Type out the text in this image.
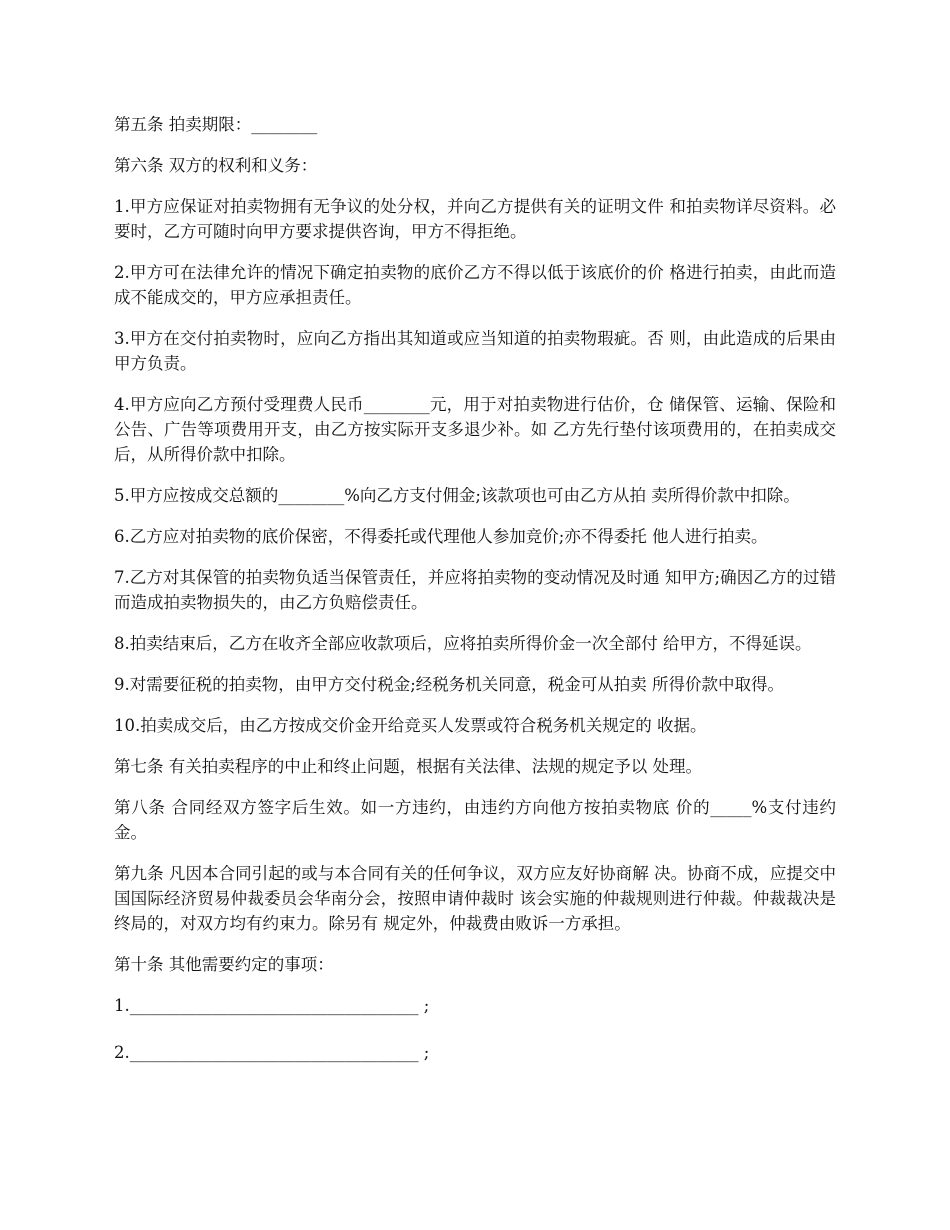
第五条 拍卖期限：________

第六条 双方的权利和义务：

1.甲方应保证对拍卖物拥有无争议的处分权，并向乙方提供有关的证明文件 和拍卖物详尽资料。必要时，乙方可随时向甲方要求提供咨询，甲方不得拒绝。

2.甲方可在法律允许的情况下确定拍卖物的底价乙方不得以低于该底价的价 格进行拍卖，由此而造成不能成交的，甲方应承担责任。

3.甲方在交付拍卖物时，应向乙方指出其知道或应当知道的拍卖物瑕疵。否 则，由此造成的后果由甲方负责。

4.甲方应向乙方预付受理费人民币________元，用于对拍卖物进行估价，仓 储保管、运输、保险和公告、广告等项费用开支，由乙方按实际开支多退少补。如 乙方先行垫付该项费用的，在拍卖成交后，从所得价款中扣除。

5.甲方应按成交总额的________%向乙方支付佣金;该款项也可由乙方从拍 卖所得价款中扣除。

6.乙方应对拍卖物的底价保密，不得委托或代理他人参加竞价;亦不得委托 他人进行拍卖。

7.乙方对其保管的拍卖物负适当保管责任，并应将拍卖物的变动情况及时通 知甲方;确因乙方的过错而造成拍卖物损失的，由乙方负赔偿责任。

8.拍卖结束后，乙方在收齐全部应收款项后，应将拍卖所得价金一次全部付 给甲方，不得延误。

9.对需要征税的拍卖物，由甲方交付税金;经税务机关同意，税金可从拍卖 所得价款中取得。

10.拍卖成交后，由乙方按成交价金开给竞买人发票或符合税务机关规定的 收据。

第七条 有关拍卖程序的中止和终止问题，根据有关法律、法规的规定予以 处理。

第八条 合同经双方签字后生效。如一方违约，由违约方向他方按拍卖物底 价的_____%支付违约金。

第九条 凡因本合同引起的或与本合同有关的任何争议，双方应友好协商解 决。协商不成，应提交中国国际经济贸易仲裁委员会华南分会，按照申请仲裁时 该会实施的仲裁规则进行仲裁。仲裁裁决是终局的，对双方均有约束力。除另有 规定外，仲裁费由败诉一方承担。

第十条 其他需要约定的事项：

1.___________________________________ ;

2.___________________________________ ;
